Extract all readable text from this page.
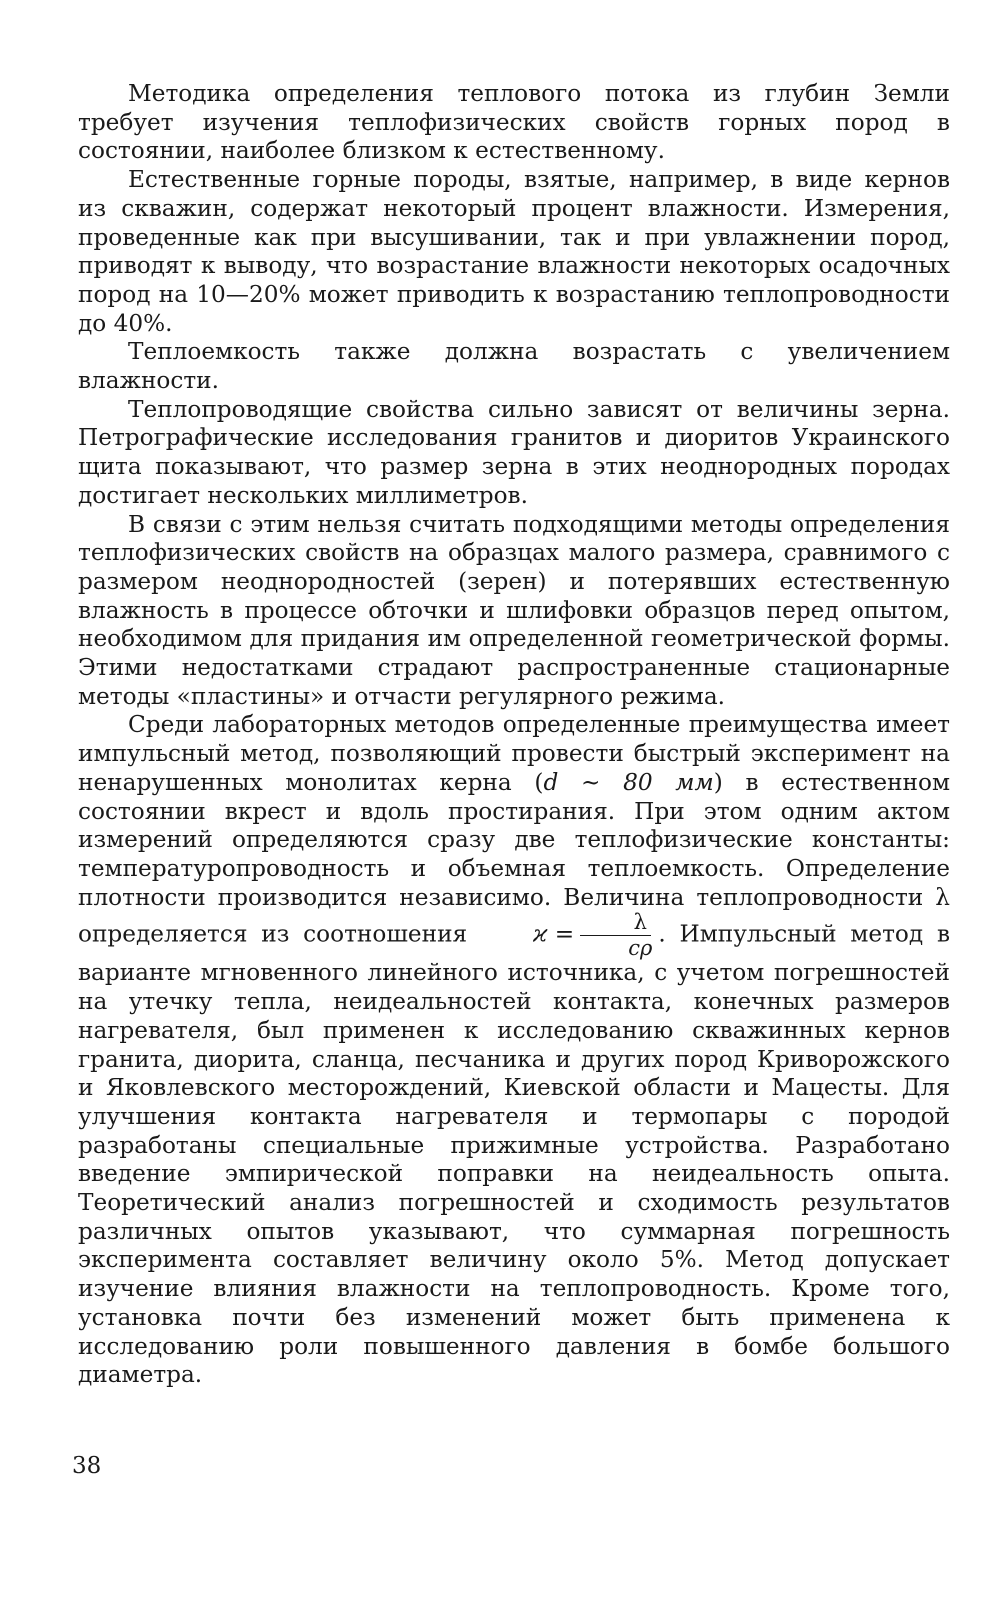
Методика определения теплового потока из глубин Земли требует изучения теплофизических свойств горных пород в состоянии, наиболее близком к естественному.

Естественные горные породы, взятые, например, в виде кернов из скважин, содержат некоторый процент влажности. Измерения, проведенные как при высушивании, так и при увлажнении пород, приводят к выводу, что возрастание влажности некоторых осадочных пород на 10—20% может приводить к возрастанию теплопроводности до 40%.

Теплоемкость также должна возрастать с увеличением влажности.

Теплопроводящие свойства сильно зависят от величины зерна. Петрографические исследования гранитов и диоритов Украинского щита показывают, что размер зерна в этих неоднородных породах достигает нескольких миллиметров.

В связи с этим нельзя считать подходящими методы определения теплофизических свойств на образцах малого размера, сравнимого с размером неоднородностей (зерен) и потерявших естественную влажность в процессе обточки и шлифовки образцов перед опытом, необходимом для придания им определенной геометрической формы. Этими недостатками страдают распространенные стационарные методы «пластины» и отчасти регулярного режима.

Среди лабораторных методов определенные преимущества имеет импульсный метод, позволяющий провести быстрый эксперимент на ненарушенных монолитах керна (d ~ 80 мм) в естественном состоянии вкрест и вдоль простирания. При этом одним актом измерений определяются сразу две теплофизические константы: температуропроводность и объемная теплоемкость. Определение плотности производится независимо. Величина теплопроводности λ определяется из соотношения $ϰ = \frac{\lambda}{c\rho}$ . Импульсный метод в варианте мгновенного линейного источника, с учетом погрешностей на утечку тепла, неидеальностей контакта, конечных размеров нагревателя, был применен к исследованию скважинных кернов гранита, диорита, сланца, песчаника и других пород Криворожского и Яковлевского месторождений, Киевской области и Мацесты. Для улучшения контакта нагревателя и термопары с породой разработаны специальные прижимные устройства. Разработано введение эмпирической поправки на неидеальность опыта. Теоретический анализ погрешностей и сходимость результатов различных опытов указывают, что суммарная погрешность эксперимента составляет величину около 5%. Метод допускает изучение влияния влажности на теплопроводность. Кроме того, установка почти без изменений может быть применена к исследованию роли повышенного давления в бомбе большого диаметра.

38
